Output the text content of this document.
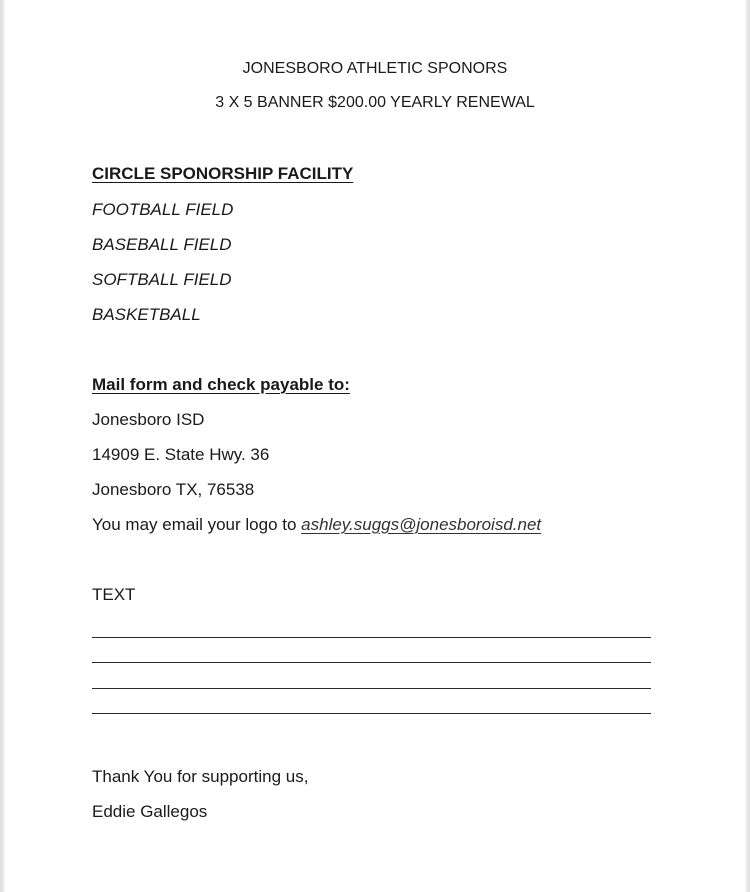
JONESBORO ATHLETIC SPONORS
3 X 5 BANNER $200.00 YEARLY RENEWAL
CIRCLE SPONORSHIP FACILITY
FOOTBALL FIELD
BASEBALL FIELD
SOFTBALL FIELD
BASKETBALL
Mail form and check payable to:
Jonesboro ISD
14909 E. State Hwy. 36
Jonesboro TX, 76538
You may email your logo to ashley.suggs@jonesboroisd.net
TEXT
Thank You for supporting us,
Eddie Gallegos
